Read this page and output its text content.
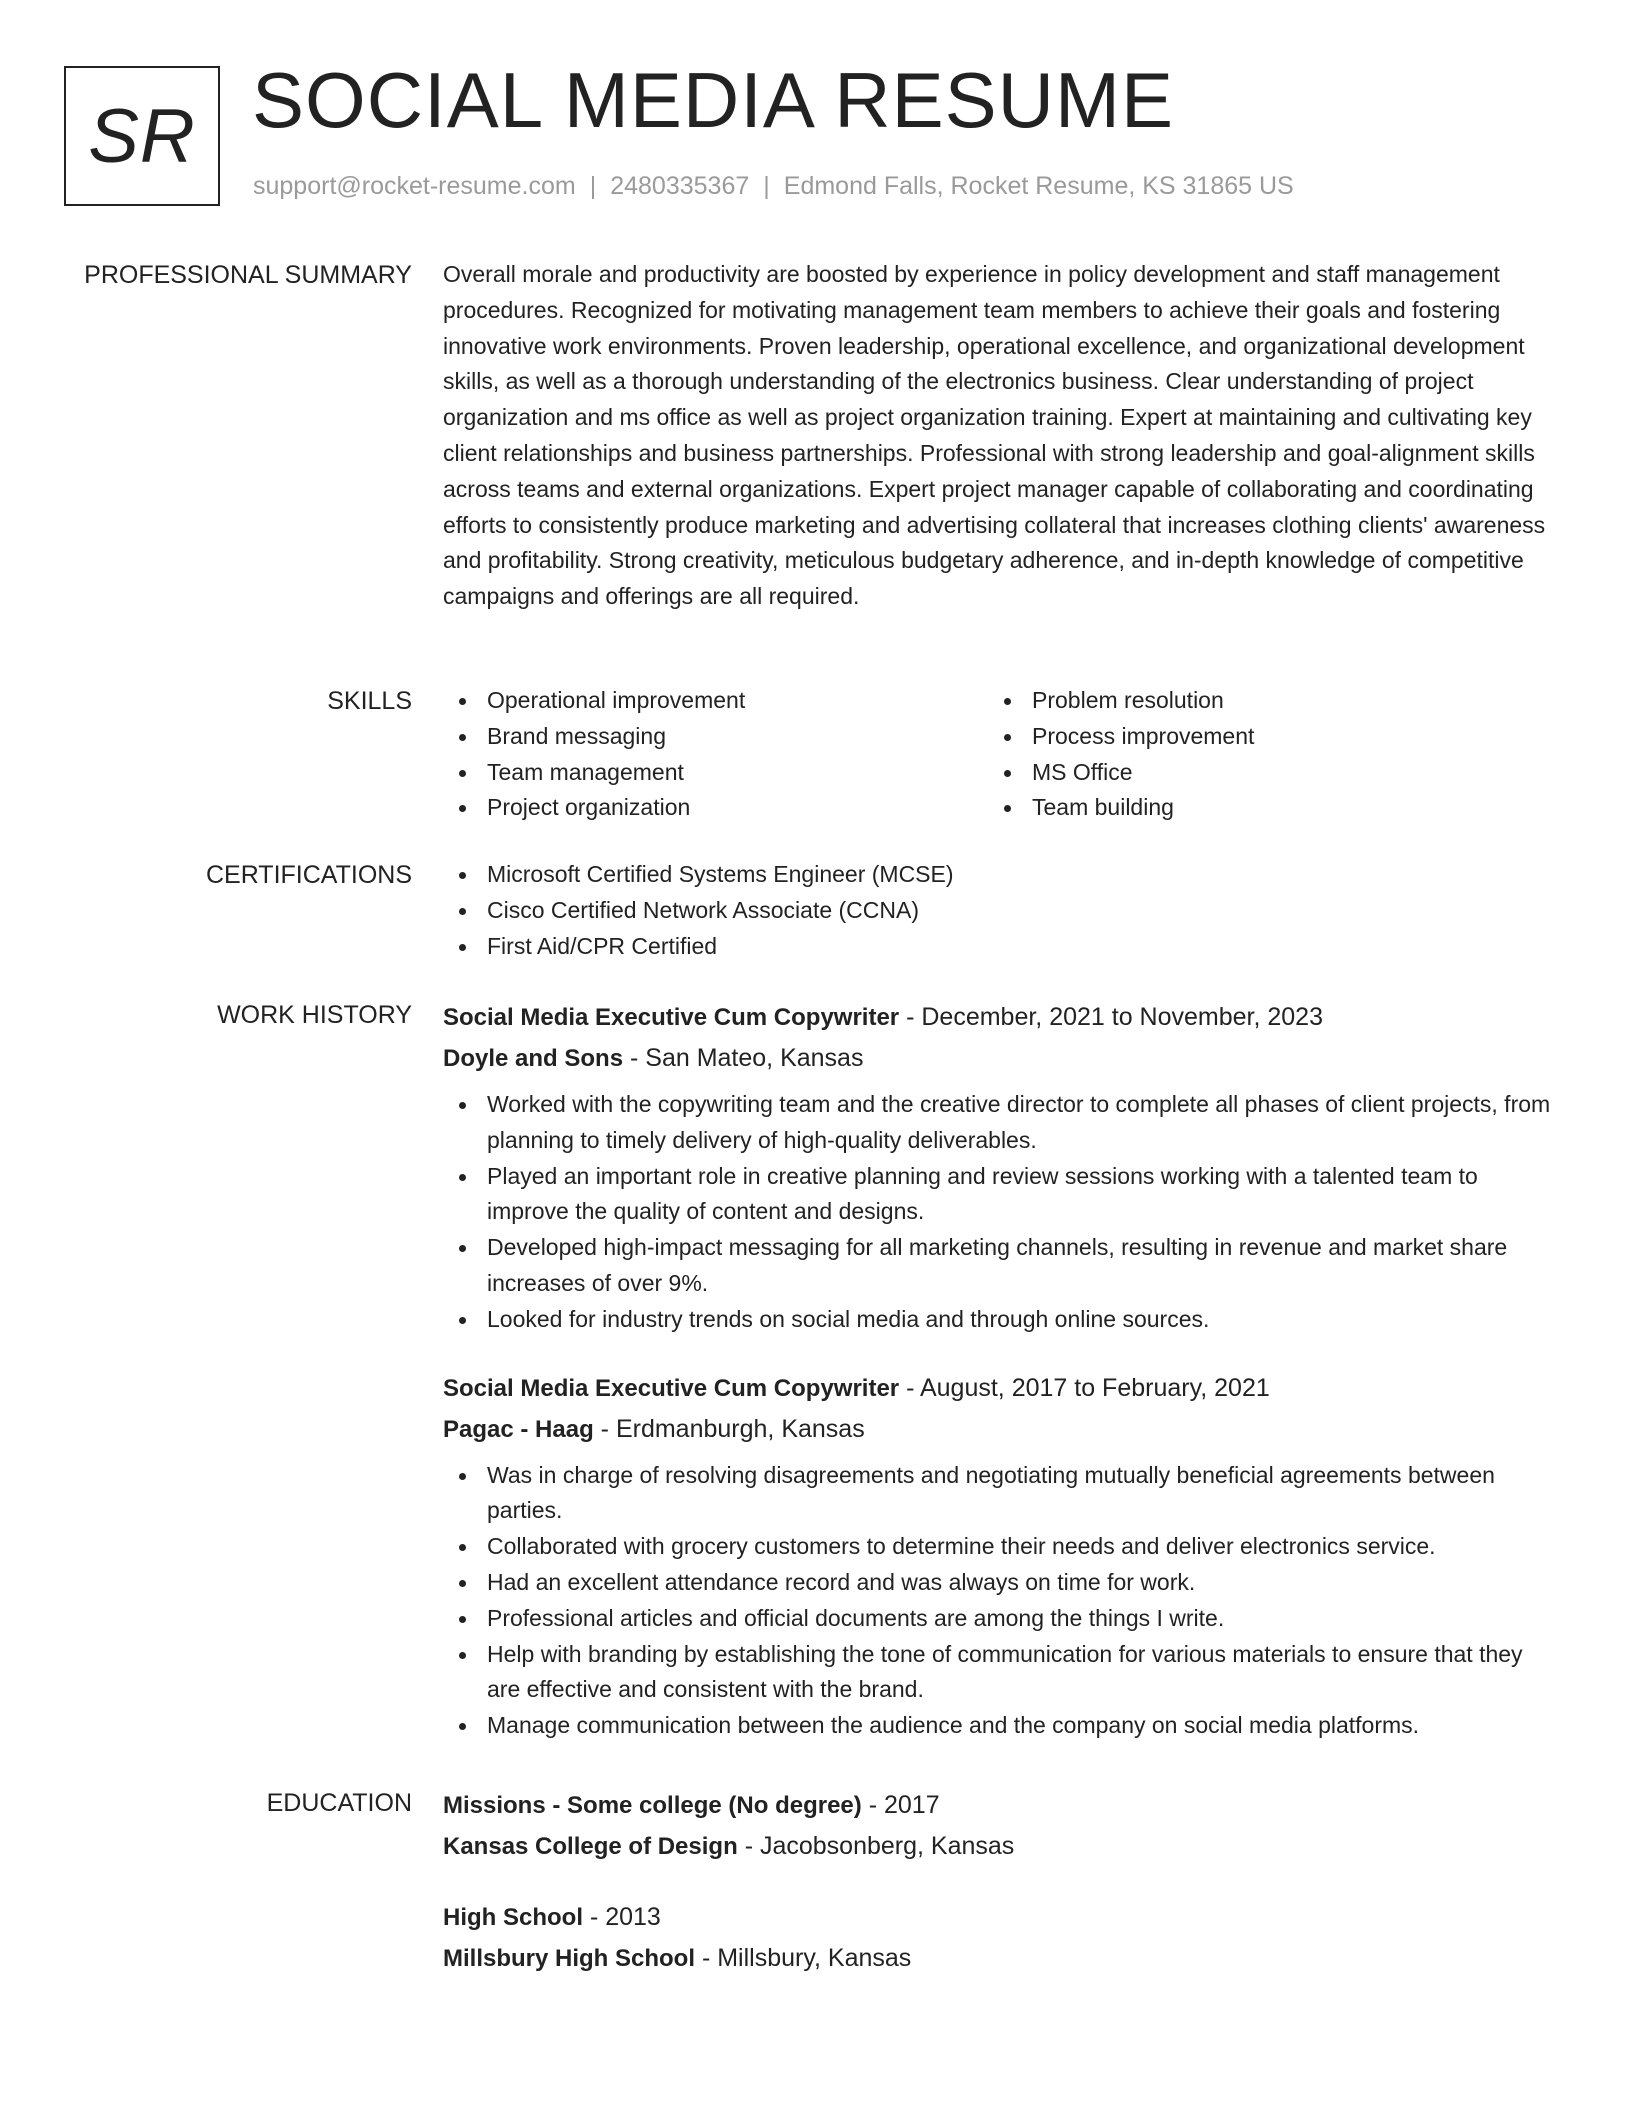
SR SOCIAL MEDIA RESUME
support@rocket-resume.com | 2480335367 | Edmond Falls, Rocket Resume, KS 31865 US
PROFESSIONAL SUMMARY Overall morale and productivity are boosted by experience in policy development and staff management procedures. Recognized for motivating management team members to achieve their goals and fostering innovative work environments. Proven leadership, operational excellence, and organizational development skills, as well as a thorough understanding of the electronics business. Clear understanding of project organization and ms office as well as project organization training. Expert at maintaining and cultivating key client relationships and business partnerships. Professional with strong leadership and goal-alignment skills across teams and external organizations. Expert project manager capable of collaborating and coordinating efforts to consistently produce marketing and advertising collateral that increases clothing clients' awareness and profitability. Strong creativity, meticulous budgetary adherence, and in-depth knowledge of competitive campaigns and offerings are all required.

SKILLS	Operational improvement
Brand messaging
Team management
Project organization
Problem resolution
Process improvement
MS Office
Team building
CERTIFICATIONS	Microsoft Certified Systems Engineer (MCSE)
Cisco Certified Network Associate (CCNA)
First Aid/CPR Certified
WORK HISTORY Social Media Executive Cum Copywriter - December, 2021 to November, 2023
Doyle and Sons - San Mateo, Kansas
Worked with the copywriting team and the creative director to complete all phases of client projects, from planning to timely delivery of high-quality deliverables.
Played an important role in creative planning and review sessions working with a talented team to improve the quality of content and designs.
Developed high-impact messaging for all marketing channels, resulting in revenue and market share increases of over 9%.
Looked for industry trends on social media and through online sources.
Social Media Executive Cum Copywriter - August, 2017 to February, 2021
Pagac - Haag - Erdmanburgh, Kansas
Was in charge of resolving disagreements and negotiating mutually beneficial agreements between parties.
Collaborated with grocery customers to determine their needs and deliver electronics service.
Had an excellent attendance record and was always on time for work.
Professional articles and official documents are among the things I write.
Help with branding by establishing the tone of communication for various materials to ensure that they are effective and consistent with the brand.
Manage communication between the audience and the company on social media platforms.
EDUCATION Missions - Some college (No degree) - 2017
Kansas College of Design - Jacobsonberg, Kansas
High School - 2013
Millsbury High School - Millsbury, Kansas
